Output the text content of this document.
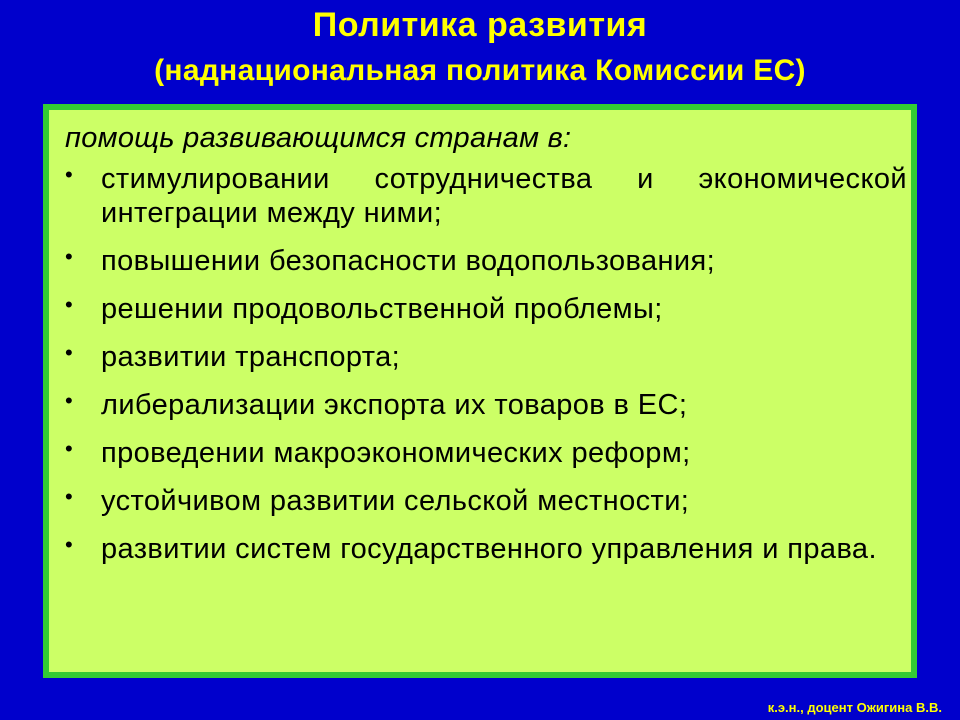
Политика развития
(наднациональная политика Комиссии ЕС)

помощь развивающимся странам в:

• стимулировании сотрудничества и экономической интеграции между ними;
• повышении безопасности водопользования;
• решении продовольственной проблемы;
• развитии транспорта;
• либерализации экспорта их товаров в ЕС;
• проведении макроэкономических реформ;
• устойчивом развитии сельской местности;
• развитии систем государственного управления и права.
к.э.н., доцент Ожигина В.В.
